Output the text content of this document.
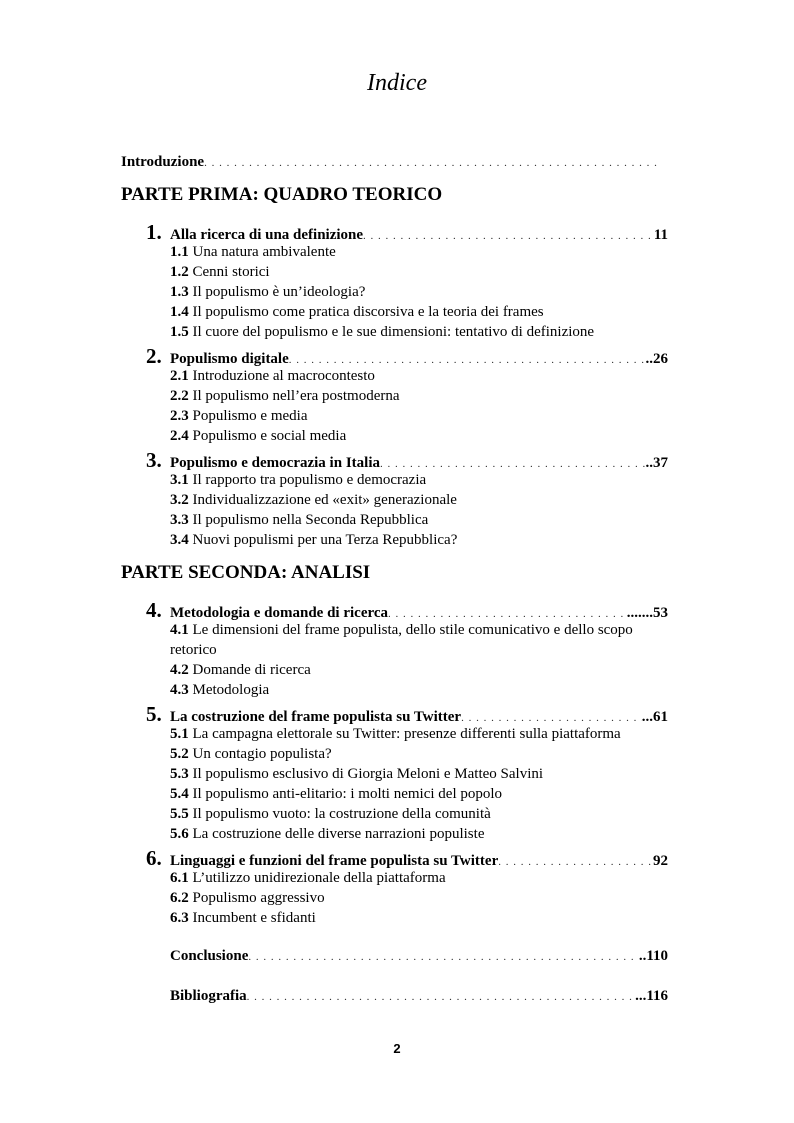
Indice
Introduzione
. . .
PARTE PRIMA: QUADRO TEORICO
1. Alla ricerca di una definizione . . .	11
1.1 Una natura ambivalente
1.2 Cenni storici
1.3 Il populismo è un’ideologia?
1.4 Il populismo come pratica discorsiva e la teoria dei frames
1.5 Il cuore del populismo e le sue dimensioni: tentativo di definizione
2. Populismo digitale . . .	..26
2.1 Introduzione al macrocontesto
2.2 Il populismo nell’era postmoderna
2.3 Populismo e media
2.4 Populismo e social media
3. Populismo e democrazia in Italia . . .	..37
3.1 Il rapporto tra populismo e democrazia
3.2 Individualizzazione ed «exit» generazionale
3.3 Il populismo nella Seconda Repubblica
3.4 Nuovi populismi per una Terza Repubblica?
PARTE SECONDA: ANALISI
4. Metodologia e domande di ricerca . . .	.......53
4.1 Le dimensioni del frame populista, dello stile comunicativo e dello scopo retorico
4.2 Domande di ricerca
4.3 Metodologia
5. La costruzione del frame populista su Twitter . . .	...61
5.1 La campagna elettorale su Twitter: presenze differenti sulla piattaforma
5.2 Un contagio populista?
5.3 Il populismo esclusivo di Giorgia Meloni e Matteo Salvini
5.4 Il populismo anti-elitario: i molti nemici del popolo
5.5 Il populismo vuoto: la costruzione della comunità
5.6 La costruzione delle diverse narrazioni populiste
6. Linguaggi e funzioni del frame populista su Twitter . . .	92
6.1 L’utilizzo unidirezionale della piattaforma
6.2 Populismo aggressivo
6.3 Incumbent e sfidanti
Conclusione . . .	..110
Bibliografia . . .	...116
2
